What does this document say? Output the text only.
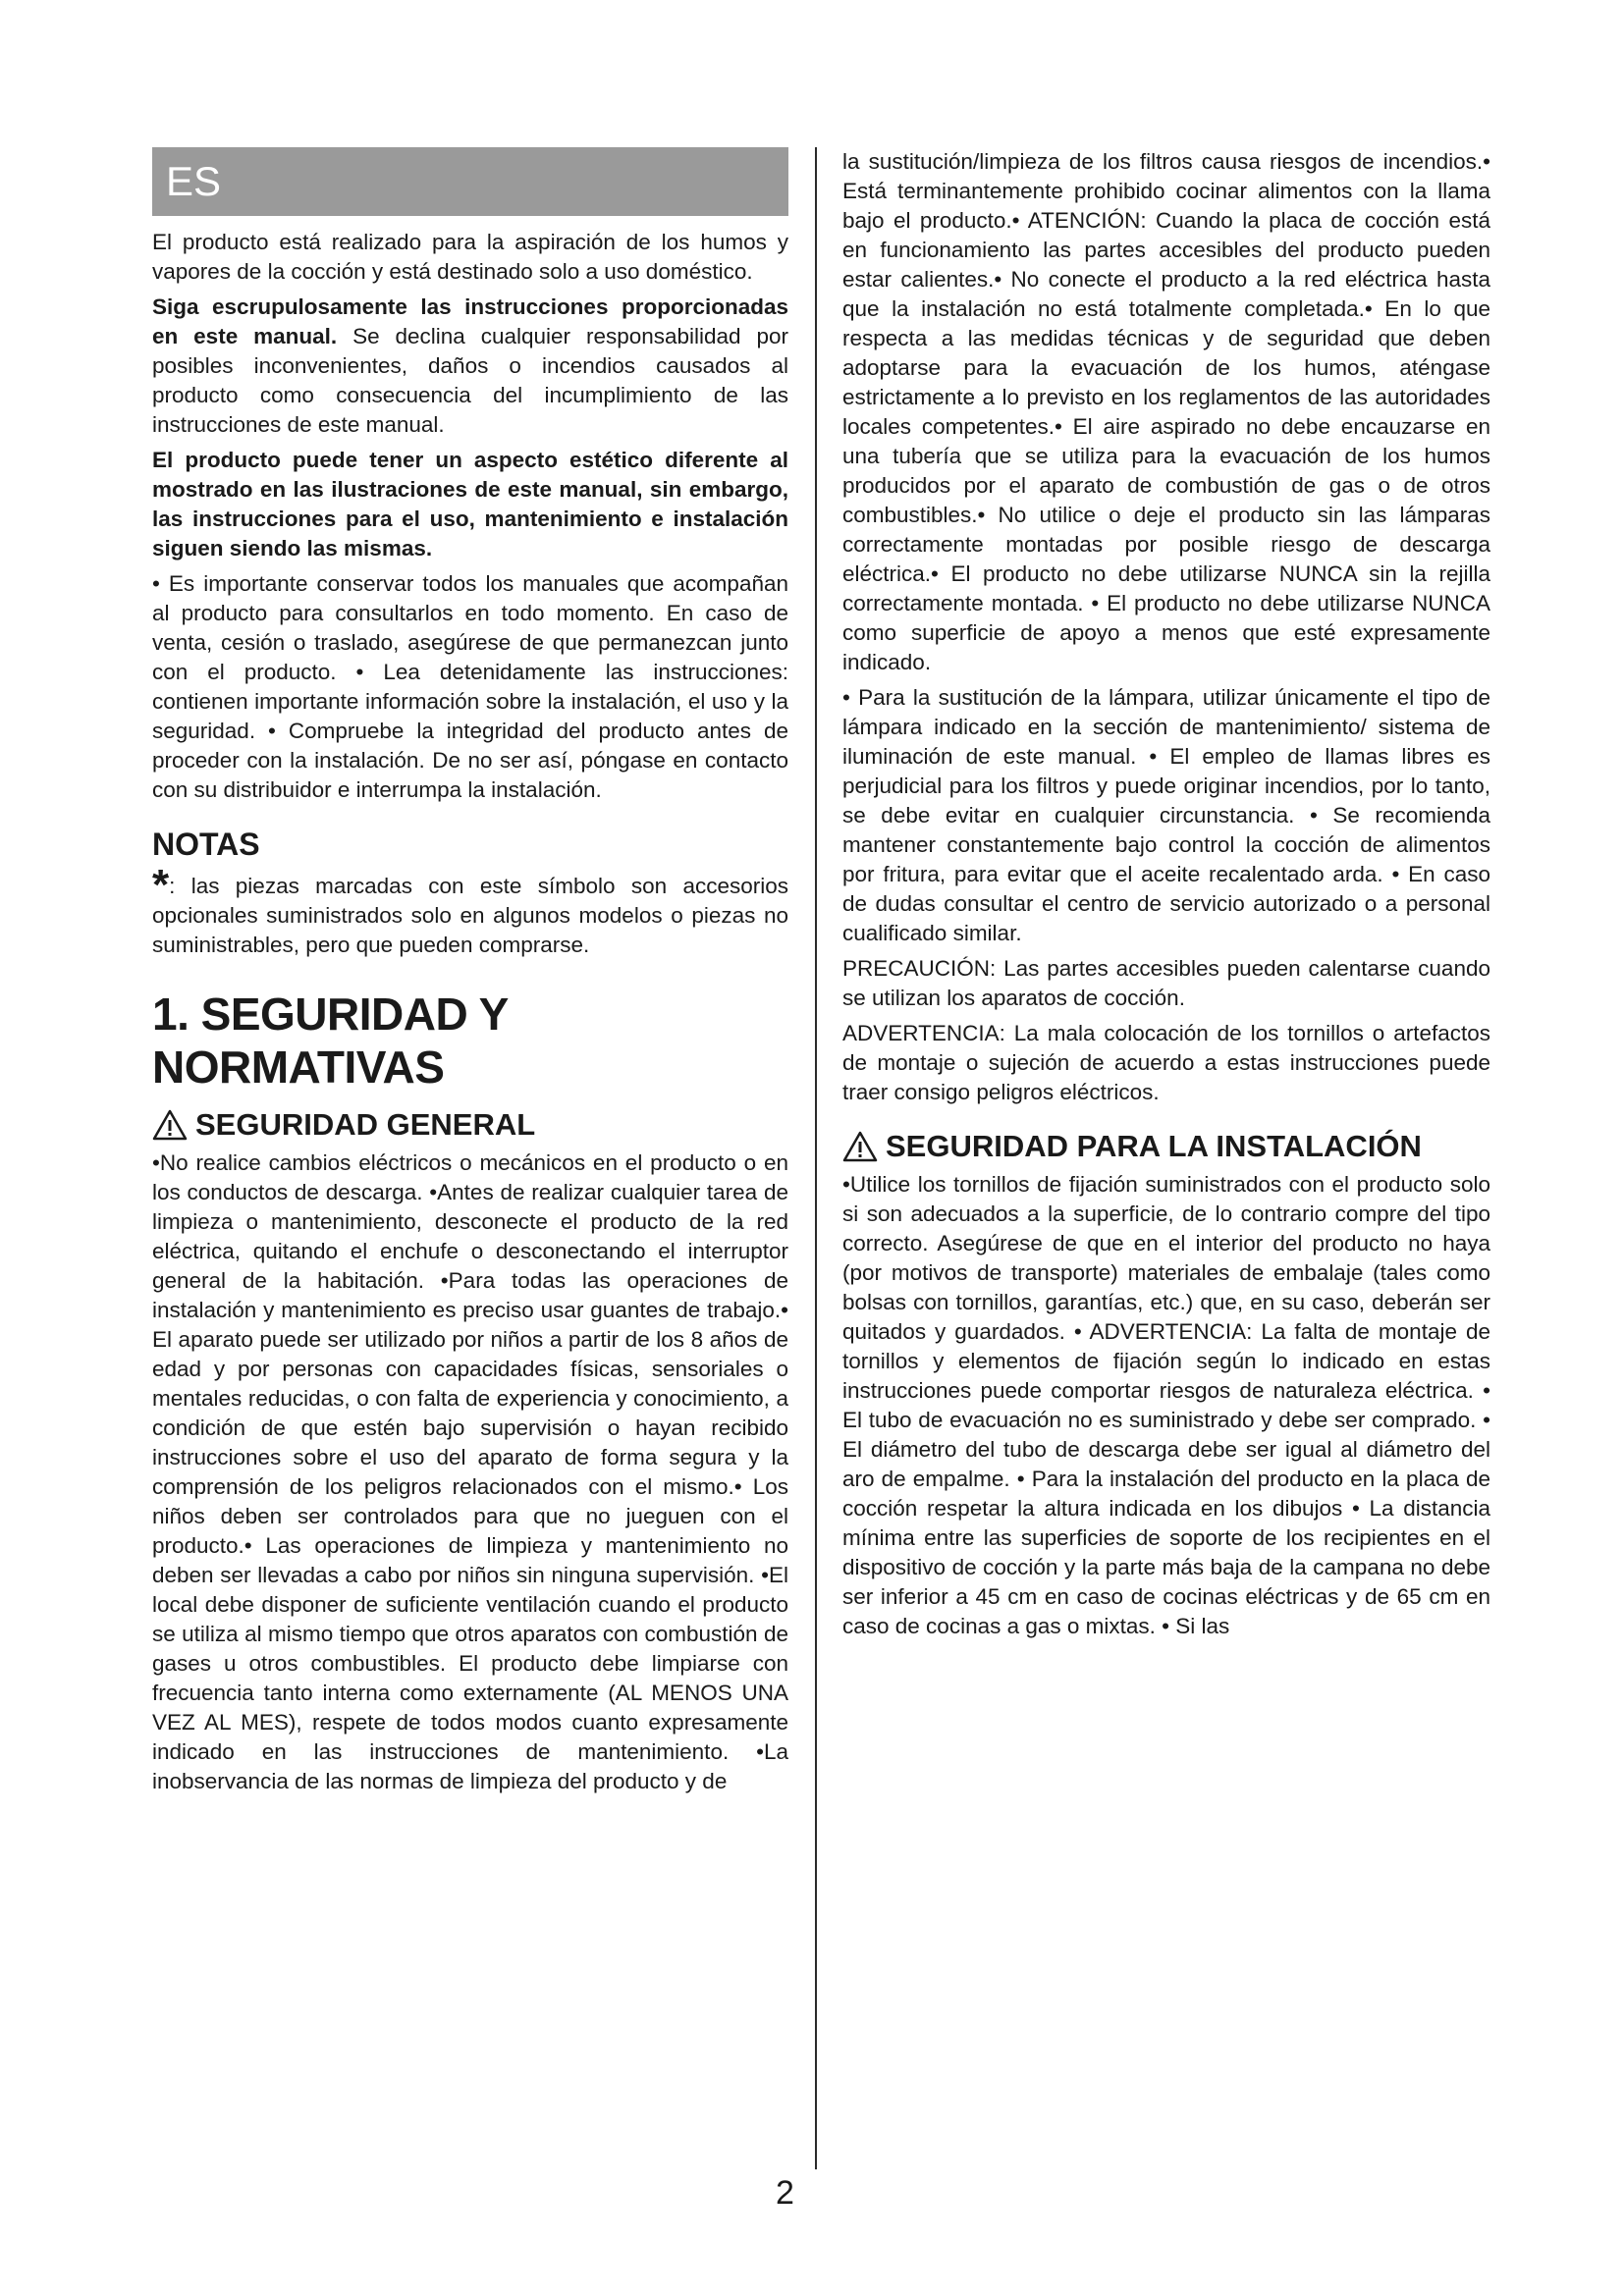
ES

El producto está realizado para la aspiración de los humos y vapores de la cocción y está destinado solo a uso doméstico.

Siga escrupulosamente las instrucciones proporcionadas en este manual. Se declina cualquier responsabilidad por posibles inconvenientes, daños o incendios causados al producto como consecuencia del incumplimiento de las instrucciones de este manual.

El producto puede tener un aspecto estético diferente al mostrado en las ilustraciones de este manual, sin embargo, las instrucciones para el uso, mantenimiento e instalación siguen siendo las mismas.

• Es importante conservar todos los manuales que acompañan al producto para consultarlos en todo momento. En caso de venta, cesión o traslado, asegúrese de que permanezcan junto con el producto. • Lea detenidamente las instrucciones: contienen importante información sobre la instalación, el uso y la seguridad. • Compruebe la integridad del producto antes de proceder con la instalación. De no ser así, póngase en contacto con su distribuidor e interrumpa la instalación.

NOTAS

*: las piezas marcadas con este símbolo son accesorios opcionales suministrados solo en algunos modelos o piezas no suministrables, pero que pueden comprarse.

1. SEGURIDAD Y NORMATIVAS
SEGURIDAD GENERAL

•No realice cambios eléctricos o mecánicos en el producto o en los conductos de descarga. •Antes de realizar cualquier tarea de limpieza o mantenimiento, desconecte el producto de la red eléctrica, quitando el enchufe o desconectando el interruptor general de la habitación. •Para todas las operaciones de instalación y mantenimiento es preciso usar guantes de trabajo.• El aparato puede ser utilizado por niños a partir de los 8 años de edad y por personas con capacidades físicas, sensoriales o mentales reducidas, o con falta de experiencia y conocimiento, a condición de que estén bajo supervisión o hayan recibido instrucciones sobre el uso del aparato de forma segura y la comprensión de los peligros relacionados con el mismo.• Los niños deben ser controlados para que no jueguen con el producto.• Las operaciones de limpieza y mantenimiento no deben ser llevadas a cabo por niños sin ninguna supervisión. •El local debe disponer de suficiente ventilación cuando el producto se utiliza al mismo tiempo que otros aparatos con combustión de gases u otros combustibles. El producto debe limpiarse con frecuencia tanto interna como externamente (AL MENOS UNA VEZ AL MES), respete de todos modos cuanto expresamente indicado en las instrucciones de mantenimiento. •La inobservancia de las normas de limpieza del producto y de

la sustitución/limpieza de los filtros causa riesgos de incendios.• Está terminantemente prohibido cocinar alimentos con la llama bajo el producto.• ATENCIÓN: Cuando la placa de cocción está en funcionamiento las partes accesibles del producto pueden estar calientes.• No conecte el producto a la red eléctrica hasta que la instalación no está totalmente completada.• En lo que respecta a las medidas técnicas y de seguridad que deben adoptarse para la evacuación de los humos, aténgase estrictamente a lo previsto en los reglamentos de las autoridades locales competentes.• El aire aspirado no debe encauzarse en una tubería que se utiliza para la evacuación de los humos producidos por el aparato de combustión de gas o de otros combustibles.• No utilice o deje el producto sin las lámparas correctamente montadas por posible riesgo de descarga eléctrica.• El producto no debe utilizarse NUNCA sin la rejilla correctamente montada. • El producto no debe utilizarse NUNCA como superficie de apoyo a menos que esté expresamente indicado.

• Para la sustitución de la lámpara, utilizar únicamente el tipo de lámpara indicado en la sección de mantenimiento/ sistema de iluminación de este manual. • El empleo de llamas libres es perjudicial para los filtros y puede originar incendios, por lo tanto, se debe evitar en cualquier circunstancia. • Se recomienda mantener constantemente bajo control la cocción de alimentos por fritura, para evitar que el aceite recalentado arda. • En caso de dudas consultar el centro de servicio autorizado o a personal cualificado similar.

PRECAUCIÓN: Las partes accesibles pueden calentarse cuando se utilizan los aparatos de cocción.

ADVERTENCIA: La mala colocación de los tornillos o artefactos de montaje o sujeción de acuerdo a estas instrucciones puede traer consigo peligros eléctricos.

SEGURIDAD PARA LA INSTALACIÓN

•Utilice los tornillos de fijación suministrados con el producto solo si son adecuados a la superficie, de lo contrario compre del tipo correcto. Asegúrese de que en el interior del producto no haya (por motivos de transporte) materiales de embalaje (tales como bolsas con tornillos, garantías, etc.) que, en su caso, deberán ser quitados y guardados. • ADVERTENCIA: La falta de montaje de tornillos y elementos de fijación según lo indicado en estas instrucciones puede comportar riesgos de naturaleza eléctrica. • El tubo de evacuación no es suministrado y debe ser comprado. • El diámetro del tubo de descarga debe ser igual al diámetro del aro de empalme. • Para la instalación del producto en la placa de cocción respetar la altura indicada en los dibujos • La distancia mínima entre las superficies de soporte de los recipientes en el dispositivo de cocción y la parte más baja de la campana no debe ser inferior a 45 cm en caso de cocinas eléctricas y de 65 cm en caso de cocinas a gas o mixtas. • Si las

2
